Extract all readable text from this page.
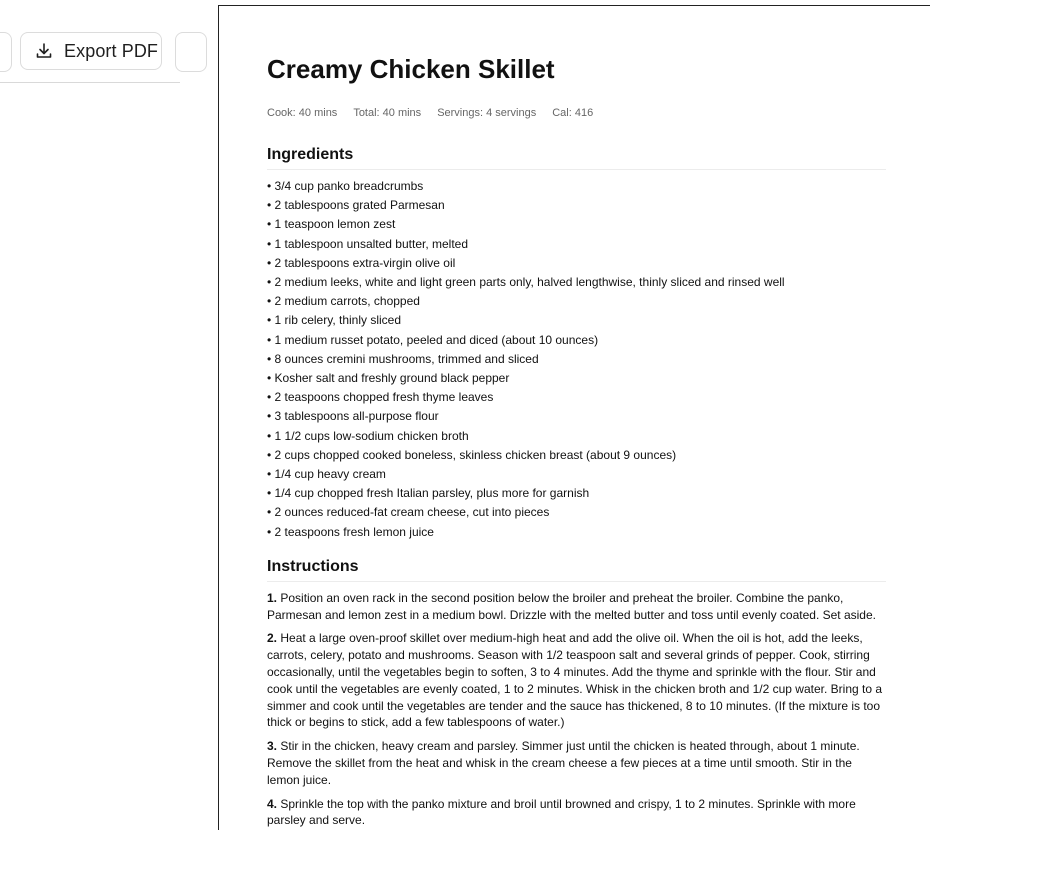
Export PDF
Creamy Chicken Skillet
Cook: 40 mins Total: 40 mins Servings: 4 servings Cal: 416
Ingredients
• 3/4 cup panko breadcrumbs
• 2 tablespoons grated Parmesan
• 1 teaspoon lemon zest
• 1 tablespoon unsalted butter, melted
• 2 tablespoons extra-virgin olive oil
• 2 medium leeks, white and light green parts only, halved lengthwise, thinly sliced and rinsed well
• 2 medium carrots, chopped
• 1 rib celery, thinly sliced
• 1 medium russet potato, peeled and diced (about 10 ounces)
• 8 ounces cremini mushrooms, trimmed and sliced
• Kosher salt and freshly ground black pepper
• 2 teaspoons chopped fresh thyme leaves
• 3 tablespoons all-purpose flour
• 1 1/2 cups low-sodium chicken broth
• 2 cups chopped cooked boneless, skinless chicken breast (about 9 ounces)
• 1/4 cup heavy cream
• 1/4 cup chopped fresh Italian parsley, plus more for garnish
• 2 ounces reduced-fat cream cheese, cut into pieces
• 2 teaspoons fresh lemon juice
Instructions

1. Position an oven rack in the second position below the broiler and preheat the broiler. Combine the panko, Parmesan and lemon zest in a medium bowl. Drizzle with the melted butter and toss until evenly coated. Set aside.

2. Heat a large oven-proof skillet over medium-high heat and add the olive oil. When the oil is hot, add the leeks, carrots, celery, potato and mushrooms. Season with 1/2 teaspoon salt and several grinds of pepper. Cook, stirring occasionally, until the vegetables begin to soften, 3 to 4 minutes. Add the thyme and sprinkle with the flour. Stir and cook until the vegetables are evenly coated, 1 to 2 minutes. Whisk in the chicken broth and 1/2 cup water. Bring to a simmer and cook until the vegetables are tender and the sauce has thickened, 8 to 10 minutes. (If the mixture is too thick or begins to stick, add a few tablespoons of water.)

3. Stir in the chicken, heavy cream and parsley. Simmer just until the chicken is heated through, about 1 minute. Remove the skillet from the heat and whisk in the cream cheese a few pieces at a time until smooth. Stir in the lemon juice.

4. Sprinkle the top with the panko mixture and broil until browned and crispy, 1 to 2 minutes. Sprinkle with more parsley and serve.
